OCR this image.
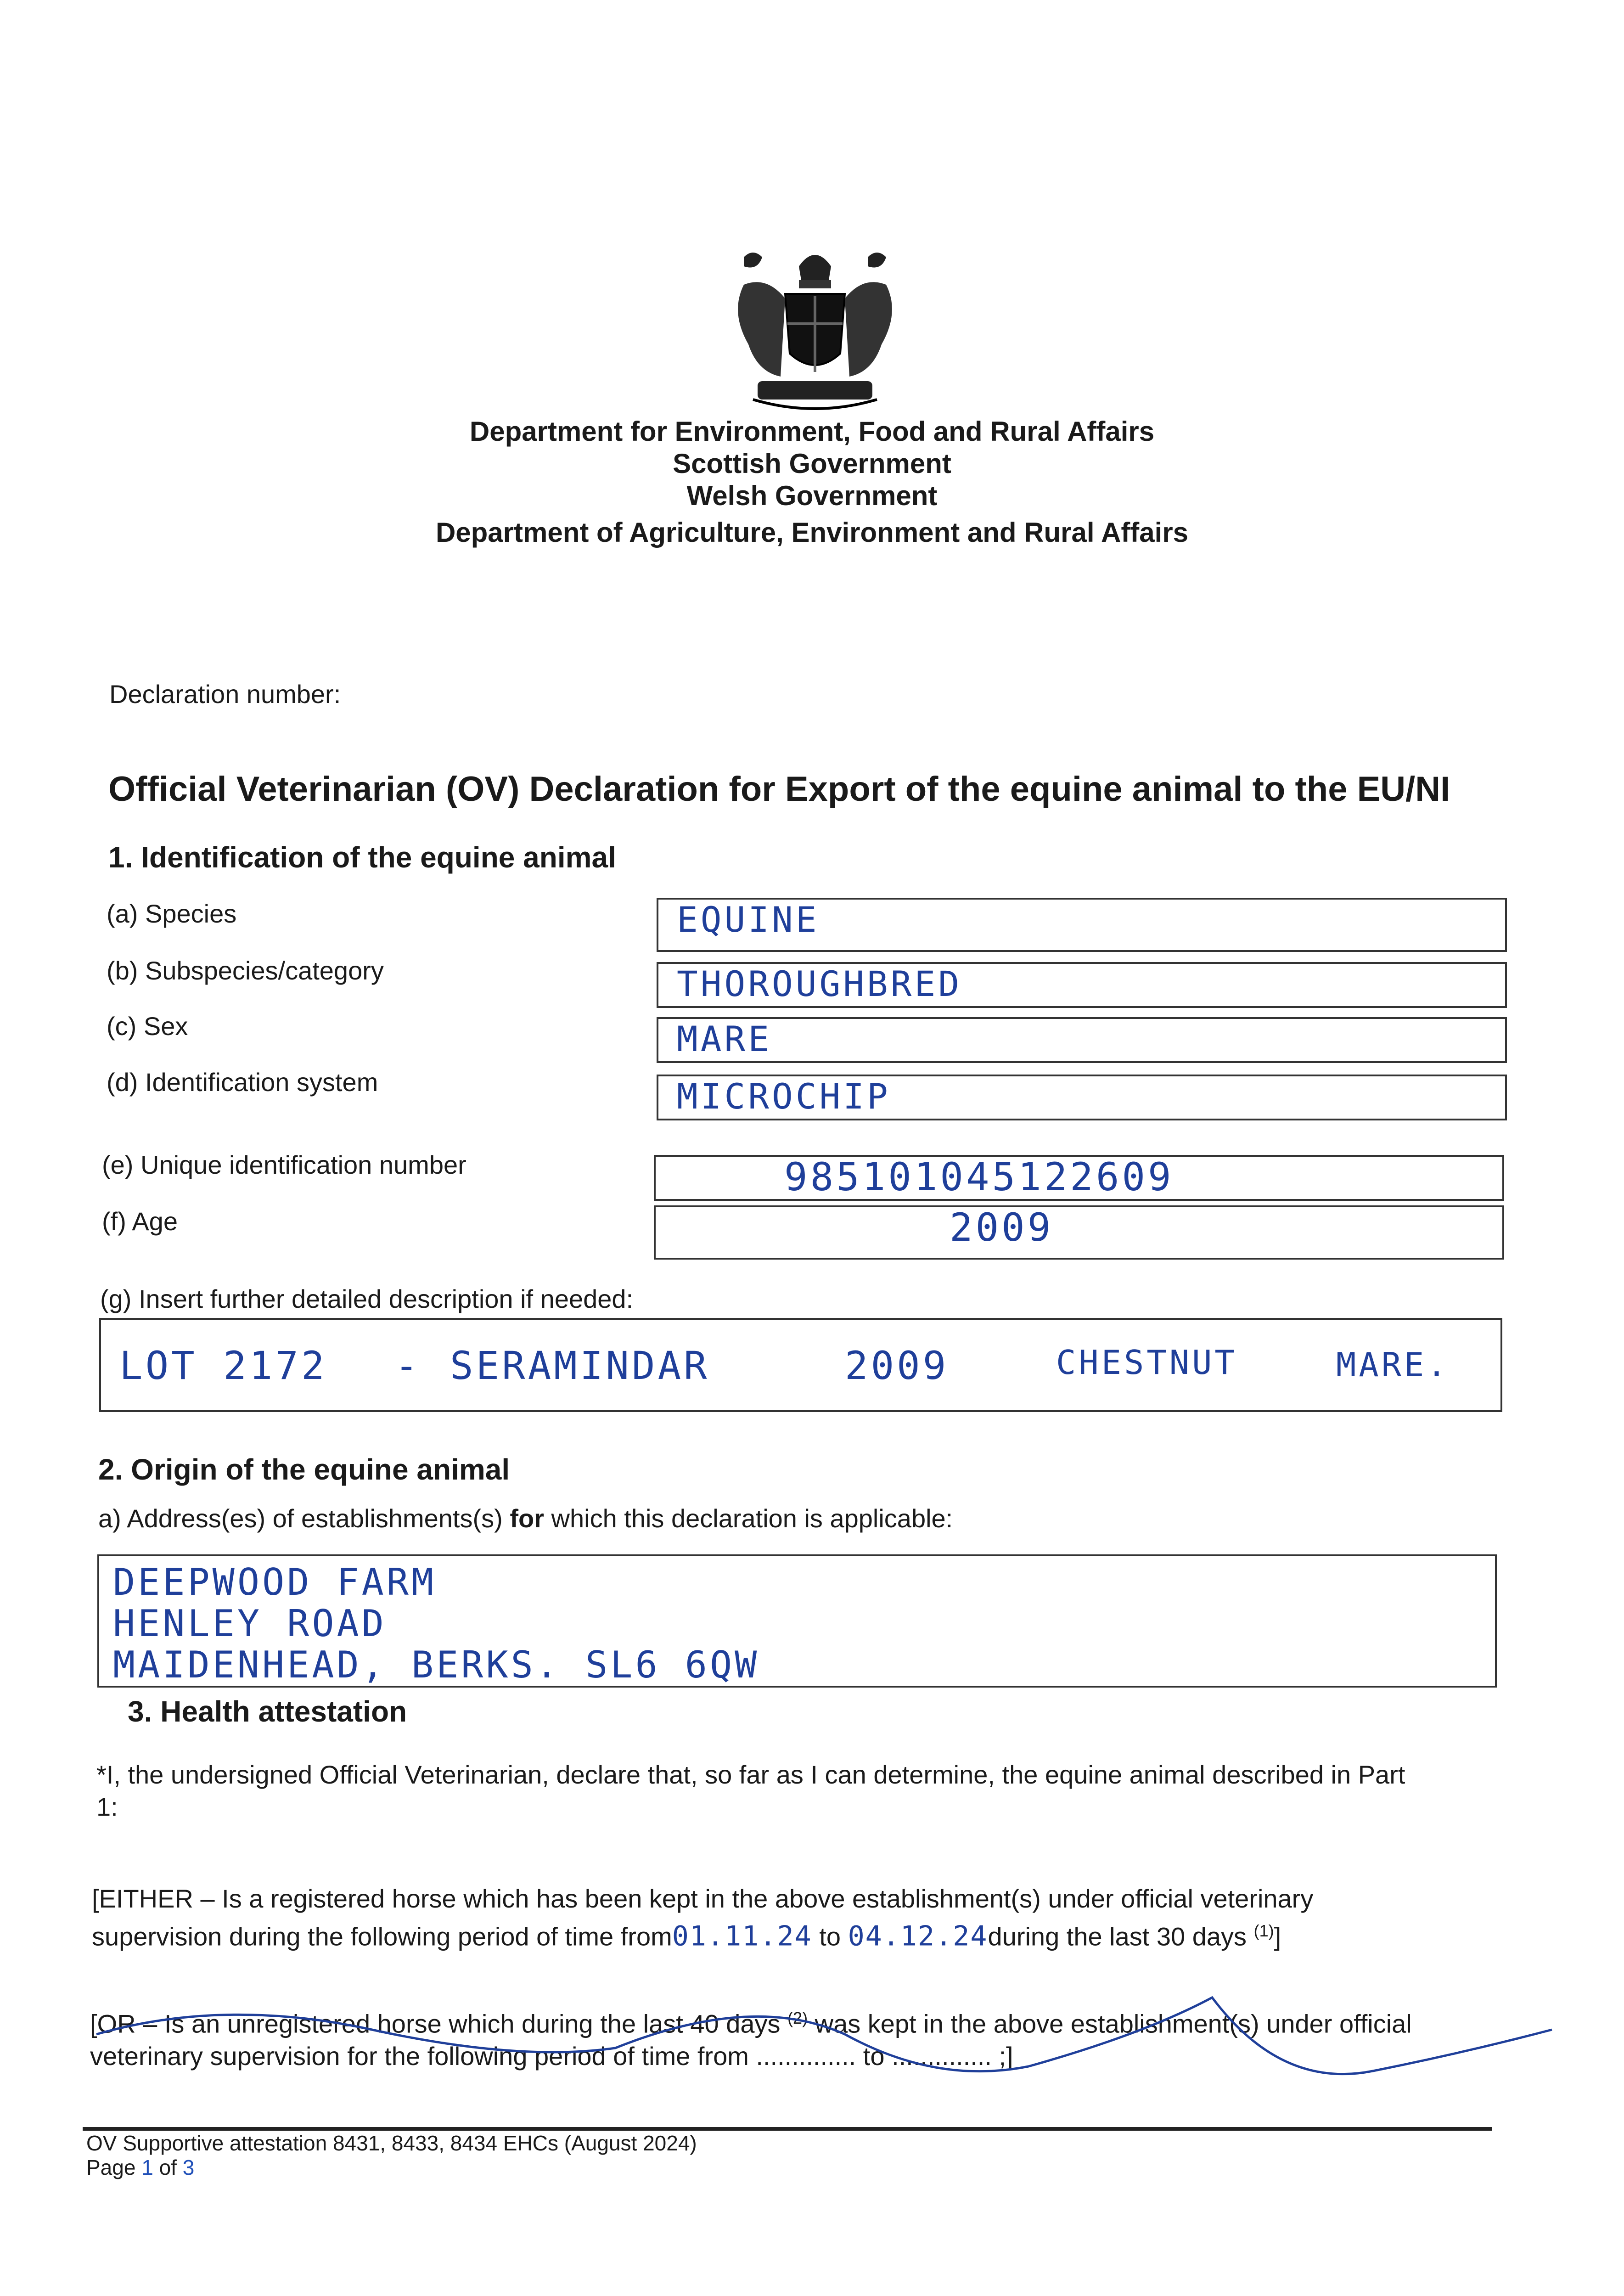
Department for Environment, Food and Rural Affairs
Scottish Government
Welsh Government
Department of Agriculture, Environment and Rural Affairs
Declaration number:
Official Veterinarian (OV) Declaration for Export of the equine animal to the EU/NI
1. Identification of the equine animal
(a) Species	EQUINE
(b) Subspecies/category	THOROUGHBRED
(c) Sex	MARE
(d) Identification system	MICROCHIP
(e) Unique identification number	985101045122609
(f) Age	2009
(g) Insert further detailed description if needed:
LOT 2172 - SERAMINDAR	2009	CHESTNUT	MARE.
2. Origin of the equine animal
a) Address(es) of establishments(s) for which this declaration is applicable:
DEEPWOOD FARM
HENLEY ROAD
MAIDENHEAD, BERKS. SL6 6QW
3. Health attestation
*I, the undersigned Official Veterinarian, declare that, so far as I can determine, the equine animal described in Part
1:
[EITHER – Is a registered horse which has been kept in the above establishment(s) under official veterinary
supervision during the following period of time from01.11.24 to 04.12.24during the last 30 days $^{(1)}$]
[OR – Is an unregistered horse which during the last 40 days $^{(2)}$ was kept in the above establishment(s) under official
veterinary supervision for the following period of time from .............. to .............. ;]
OV Supportive attestation 8431, 8433, 8434 EHCs (August 2024)
Page 1 of 3
